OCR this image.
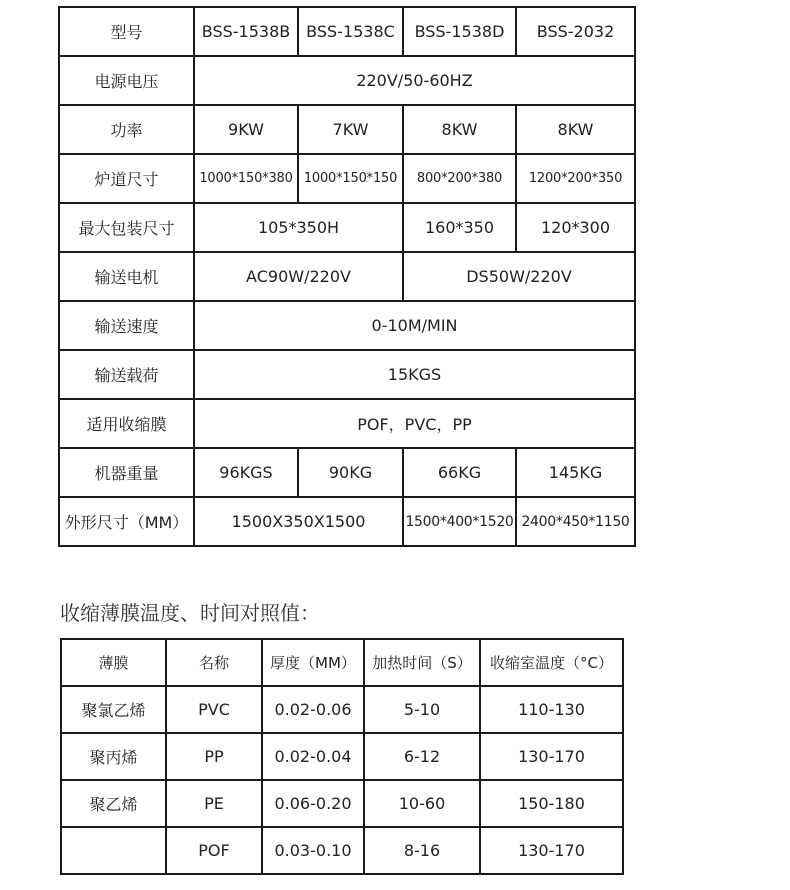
型号	BSS-1538B	BSS-1538C	BSS-1538D	BSS-2032
电源电压	220V/50-60HZ			
功率	9KW	7KW	8KW	8KW
炉道尺寸	1000*150*380	1000*150*150	800*200*380	1200*200*350
最大包装尺寸	105*350H		160*350	120*300
输送电机	AC90W/220V		DS50W/220V	
输送速度	0-10M/MIN			
输送载荷	15KGS			
适用收缩膜	POF，PVC，PP			
机器重量	96KGS	90KG	66KG	145KG
外形尺寸（MM）	1500X350X1500		1500*400*1520	2400*450*1150
收缩薄膜温度、时间对照值：
薄膜	名称	厚度（MM）	加热时间（S）	收缩室温度（°C）
聚氯乙烯	PVC	0.02-0.06	5-10	110-130
聚丙烯	PP	0.02-0.04	6-12	130-170
聚乙烯	PE	0.06-0.20	10-60	150-180
	POF	0.03-0.10	8-16	130-170
